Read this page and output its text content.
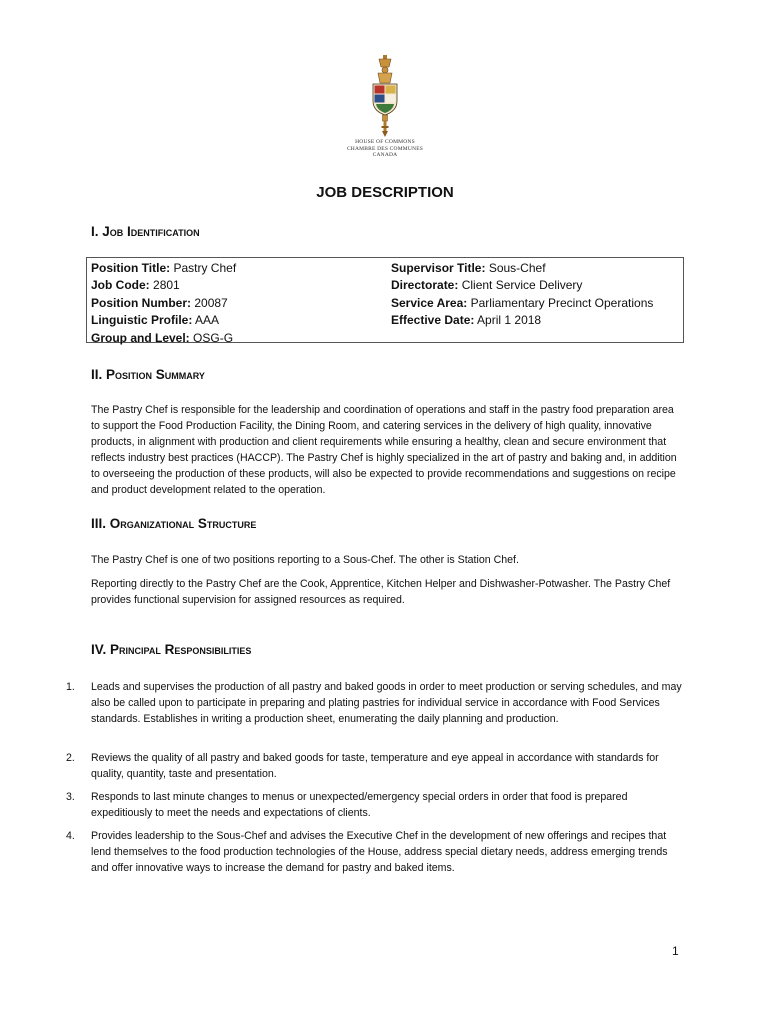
HOUSE OF COMMONS
CHAMBRE DES COMMUNES
CANADA
JOB DESCRIPTION
I. Job Identification
Position Title: Pastry Chef
Job Code: 2801
Position Number: 20087
Linguistic Profile: AAA
Group and Level: OSG-G
Supervisor Title: Sous-Chef
Directorate: Client Service Delivery
Service Area: Parliamentary Precinct Operations
Effective Date: April 1 2018
II. Position Summary
The Pastry Chef is responsible for the leadership and coordination of operations and staff in the pastry food preparation area to support the Food Production Facility, the Dining Room, and catering services in the delivery of high quality, innovative products, in alignment with production and client requirements while ensuring a healthy, clean and secure environment that reflects industry best practices (HACCP). The Pastry Chef is highly specialized in the art of pastry and baking and, in addition to overseeing the production of these products, will also be expected to provide recommendations and suggestions on recipe and product development related to the operation.
III. Organizational Structure
The Pastry Chef is one of two positions reporting to a Sous-Chef. The other is Station Chef.
Reporting directly to the Pastry Chef are the Cook, Apprentice, Kitchen Helper and Dishwasher-Potwasher. The Pastry Chef provides functional supervision for assigned resources as required.
IV. Principal Responsibilities
1. Leads and supervises the production of all pastry and baked goods in order to meet production or serving schedules, and may also be called upon to participate in preparing and plating pastries for individual service in accordance with Food Services standards. Establishes in writing a production sheet, enumerating the daily planning and production.
2. Reviews the quality of all pastry and baked goods for taste, temperature and eye appeal in accordance with standards for quality, quantity, taste and presentation.
3. Responds to last minute changes to menus or unexpected/emergency special orders in order that food is prepared expeditiously to meet the needs and expectations of clients.
4. Provides leadership to the Sous-Chef and advises the Executive Chef in the development of new offerings and recipes that lend themselves to the food production technologies of the House, address special dietary needs, address emerging trends and offer innovative ways to increase the demand for pastry and baked items.
1
